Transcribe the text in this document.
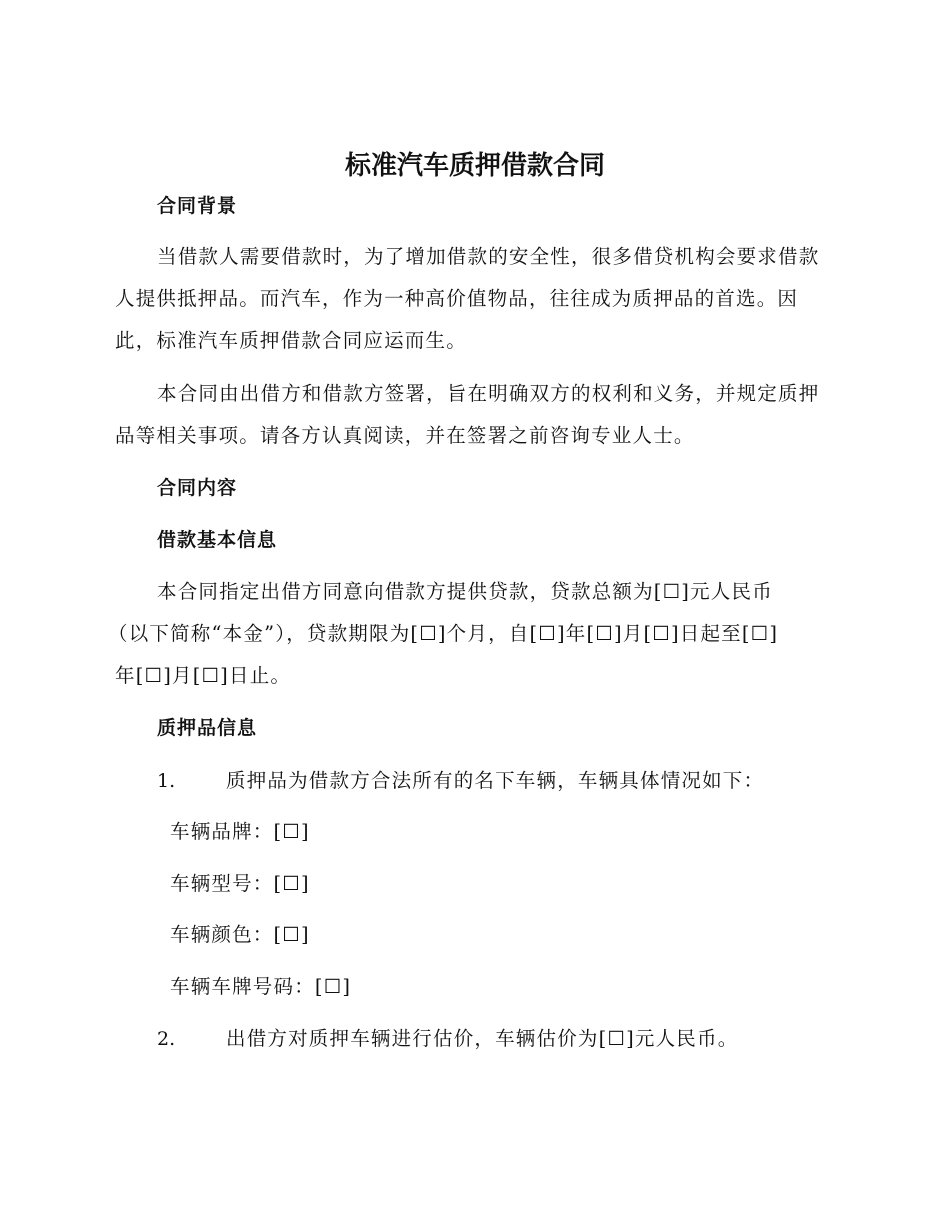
标准汽车质押借款合同
合同背景

当借款人需要借款时，为了增加借款的安全性，很多借贷机构会要求借款人提供抵押品。而汽车，作为一种高价值物品，往往成为质押品的首选。因此，标准汽车质押借款合同应运而生。

本合同由出借方和借款方签署，旨在明确双方的权利和义务，并规定质押品等相关事项。请各方认真阅读，并在签署之前咨询专业人士。

合同内容
借款基本信息
本合同指定出借方同意向借款方提供贷款，贷款总额为[☐]元人民币
（以下简称“本金”），贷款期限为[☐]个月，自[☐]年[☐]月[☐]日起至[☐]
年[☐]月[☐]日止。
质押品信息
1.	质押品为借款方合法所有的名下车辆，车辆具体情况如下：
车辆品牌：[☐]
车辆型号：[☐]
车辆颜色：[☐]
车辆车牌号码：[☐]
2.	出借方对质押车辆进行估价，车辆估价为[☐]元人民币。
